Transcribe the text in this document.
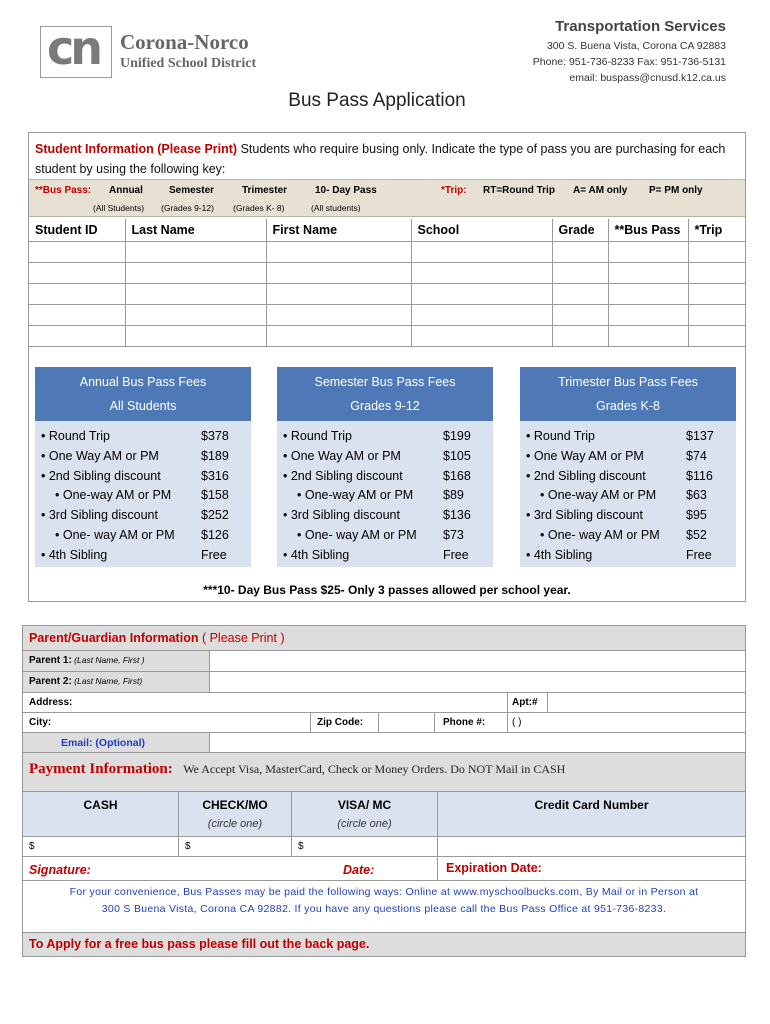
cn Corona-Norco
Unified School District
Transportation Services
300 S. Buena Vista, Corona CA 92883
Phone: 951-736-8233 Fax: 951-736-5131
email: buspass@cnusd.k12.ca.us
Bus Pass Application
Student Information (Please Print) Students who require busing only. Indicate the type of pass you are purchasing for each student by using the following key:
**Bus Pass: Annual
(All Students)
Semester
(Grades 9-12)
Trimester
(Grades K- 8)
10- Day Pass
(All students)
*Trip: RT=Round Trip A= AM only P= PM only
Student ID	Last Name	First Name	School	Grade	**Bus Pass	*Trip

Annual Bus Pass Fees
All Students
• Round Trip	$378
• One Way AM or PM	$189
• 2nd Sibling discount	$316
• One-way AM or PM $158
• 3rd Sibling discount	$252
• One- way AM or PM $126
• 4th Sibling	Free
Semester Bus Pass Fees
Grades 9-12
• Round Trip	$199
• One Way AM or PM	$105
• 2nd Sibling discount	$168
• One-way AM or PM $89
• 3rd Sibling discount	$136
• One- way AM or PM $73
• 4th Sibling	Free
Trimester Bus Pass Fees
Grades K-8
• Round Trip	$137
• One Way AM or PM	$74
• 2nd Sibling discount	$116
• One-way AM or PM $63
• 3rd Sibling discount	$95
• One- way AM or PM $52
• 4th Sibling	Free
***10- Day Bus Pass $25- Only 3 passes allowed per school year.
Parent/Guardian Information ( Please Print )
Parent 1: (Last Name, First )
Parent 2: (Last Name, First)
Address:	Apt:#
City:	Zip Code:	Phone #:	( )
Email: (Optional)
Payment Information: We Accept Visa, MasterCard, Check or Money Orders. Do NOT Mail in CASH
CASH	CHECK/MO
(circle one)
VISA/ MC
(circle one)
Credit Card Number
$	$	$
Signature:	Date:	Expiration Date:
For your convenience, Bus Passes may be paid the following ways: Online at www.myschoolbucks.com, By Mail or in Person at
300 S Buena Vista, Corona CA 92882. If you have any questions please call the Bus Pass Office at 951-736-8233.
To Apply for a free bus pass please fill out the back page.
